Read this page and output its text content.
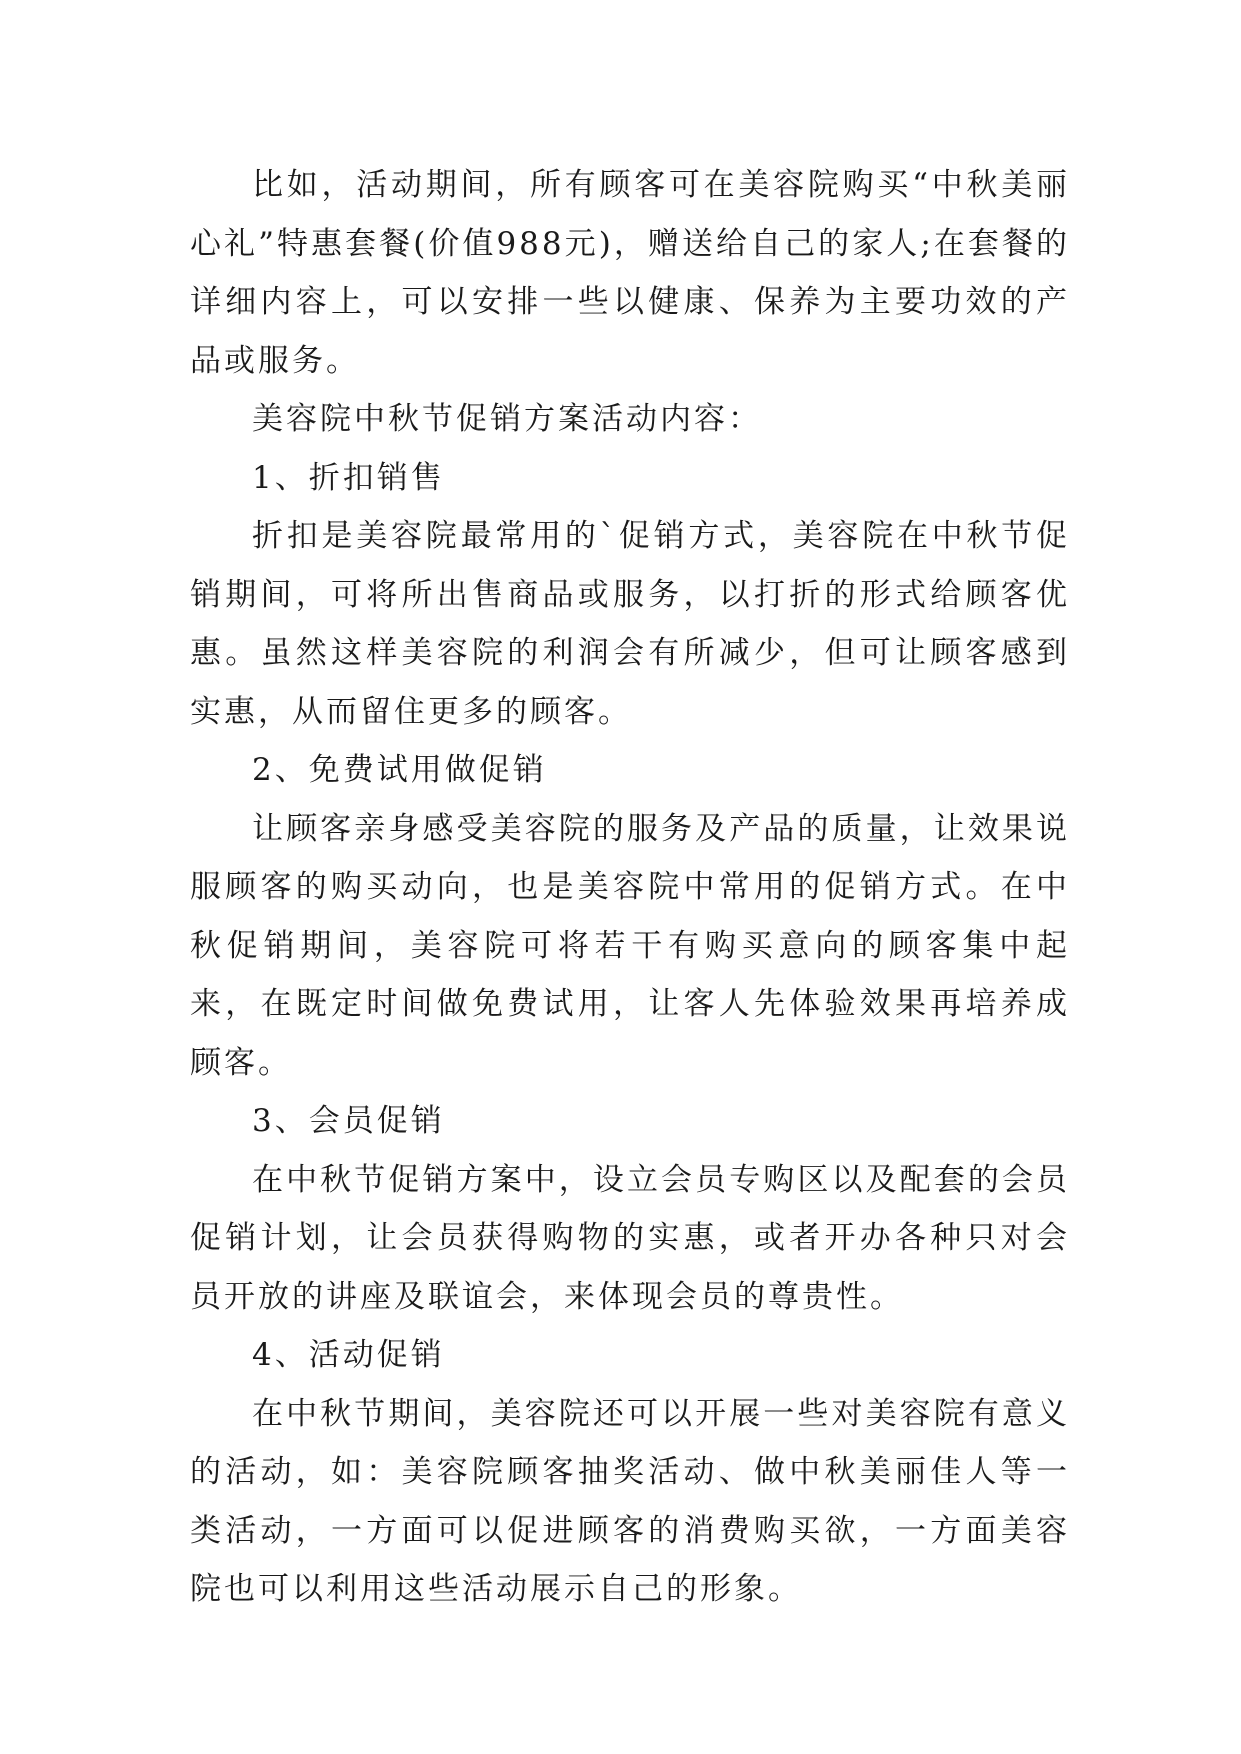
比如，活动期间，所有顾客可在美容院购买“中秋美丽心礼”特惠套餐(价值988元)，赠送给自己的家人;在套餐的详细内容上，可以安排一些以健康、保养为主要功效的产品或服务。

美容院中秋节促销方案活动内容：

1、折扣销售

折扣是美容院最常用的`促销方式，美容院在中秋节促销期间，可将所出售商品或服务，以打折的形式给顾客优惠。虽然这样美容院的利润会有所减少，但可让顾客感到实惠，从而留住更多的顾客。

2、免费试用做促销

让顾客亲身感受美容院的服务及产品的质量，让效果说服顾客的购买动向，也是美容院中常用的促销方式。在中秋促销期间，美容院可将若干有购买意向的顾客集中起来，在既定时间做免费试用，让客人先体验效果再培养成顾客。

3、会员促销

在中秋节促销方案中，设立会员专购区以及配套的会员促销计划，让会员获得购物的实惠，或者开办各种只对会员开放的讲座及联谊会，来体现会员的尊贵性。

4、活动促销

在中秋节期间，美容院还可以开展一些对美容院有意义的活动，如：美容院顾客抽奖活动、做中秋美丽佳人等一类活动，一方面可以促进顾客的消费购买欲，一方面美容院也可以利用这些活动展示自己的形象。
